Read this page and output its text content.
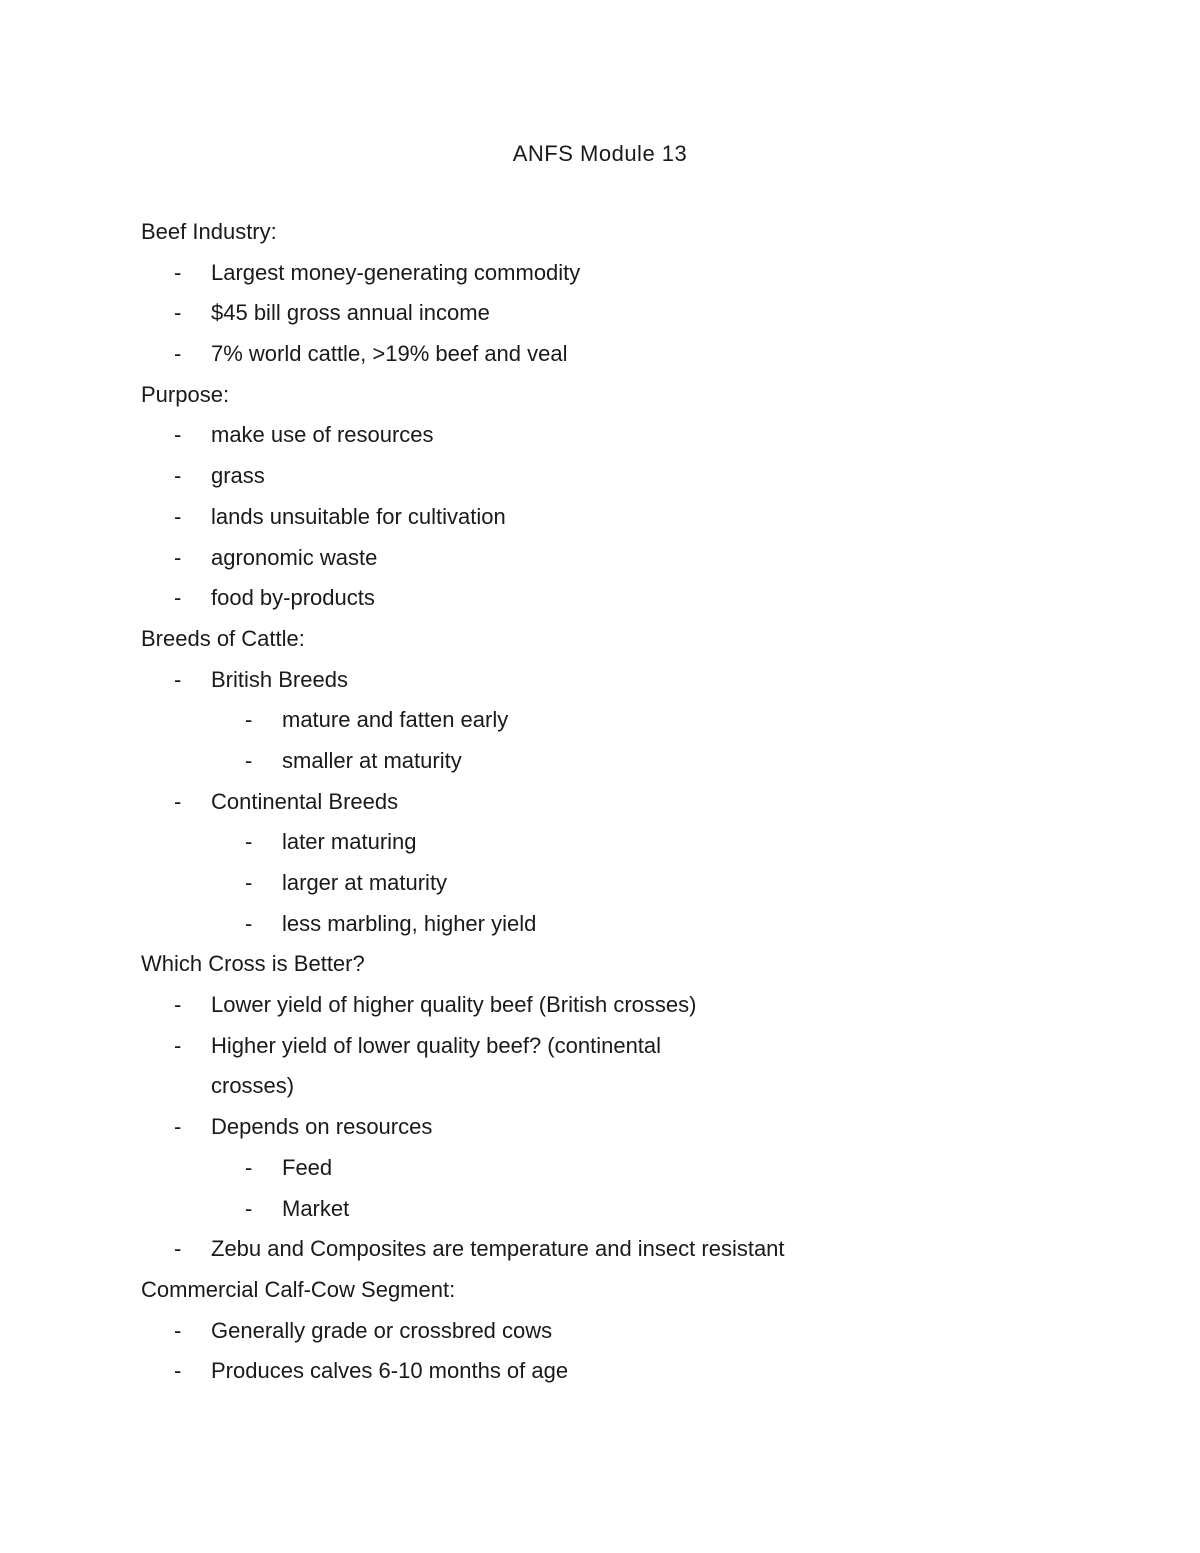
ANFS Module 13
Beef Industry:
-	Largest money-generating commodity
-	$45 bill gross annual income
-	7% world cattle, >19% beef and veal
Purpose:
-	make use of resources
-	grass
-	lands unsuitable for cultivation
-	agronomic waste
-	food by-products
Breeds of Cattle:
-	British Breeds
-	mature and fatten early
-	smaller at maturity
-	Continental Breeds
-	later maturing
-	larger at maturity
-	less marbling, higher yield
Which Cross is Better?
-	Lower yield of higher quality beef (British crosses)
-	Higher yield of lower quality beef? (continental
crosses)
-	Depends on resources
-	Feed
-	Market
-	Zebu and Composites are temperature and insect resistant
Commercial Calf-Cow Segment:
-	Generally grade or crossbred cows
-	Produces calves 6-10 months of age
